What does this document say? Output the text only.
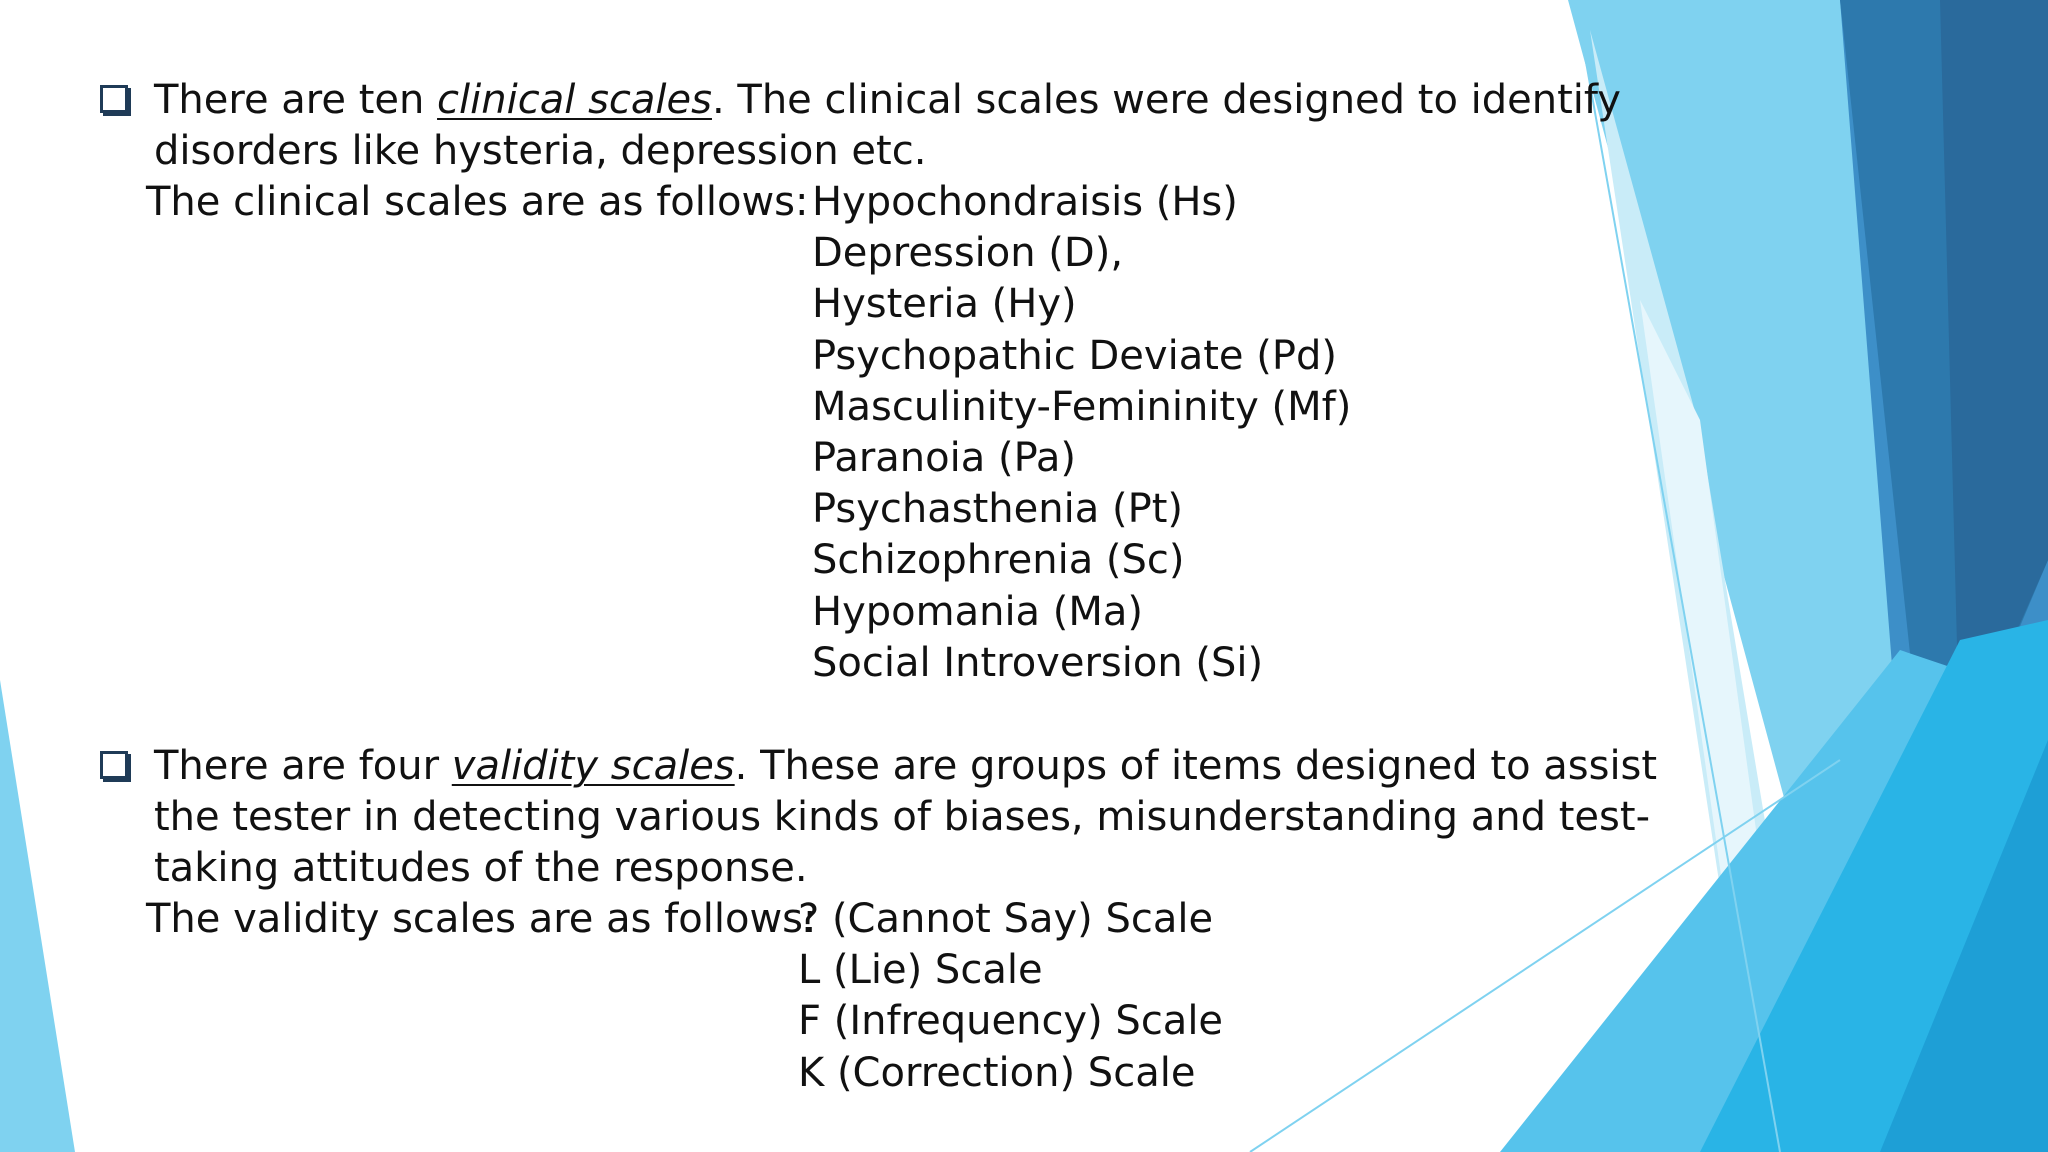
There are ten clinical scales. The clinical scales were designed to identify
disorders like hysteria, depression etc.
The clinical scales are as follows: Hypochondraisis (Hs)
Depression (D),
Hysteria (Hy)
Psychopathic Deviate (Pd)
Masculinity-Femininity (Mf)
Paranoia (Pa)
Psychasthenia (Pt)
Schizophrenia (Sc)
Hypomania (Ma)
Social Introversion (Si)
There are four validity scales. These are groups of items designed to assist
the tester in detecting various kinds of biases, misunderstanding and test-
taking attitudes of the response.
The validity scales are as follows:
? (Cannot Say) Scale
L (Lie) Scale
F (Infrequency) Scale
K (Correction) Scale
